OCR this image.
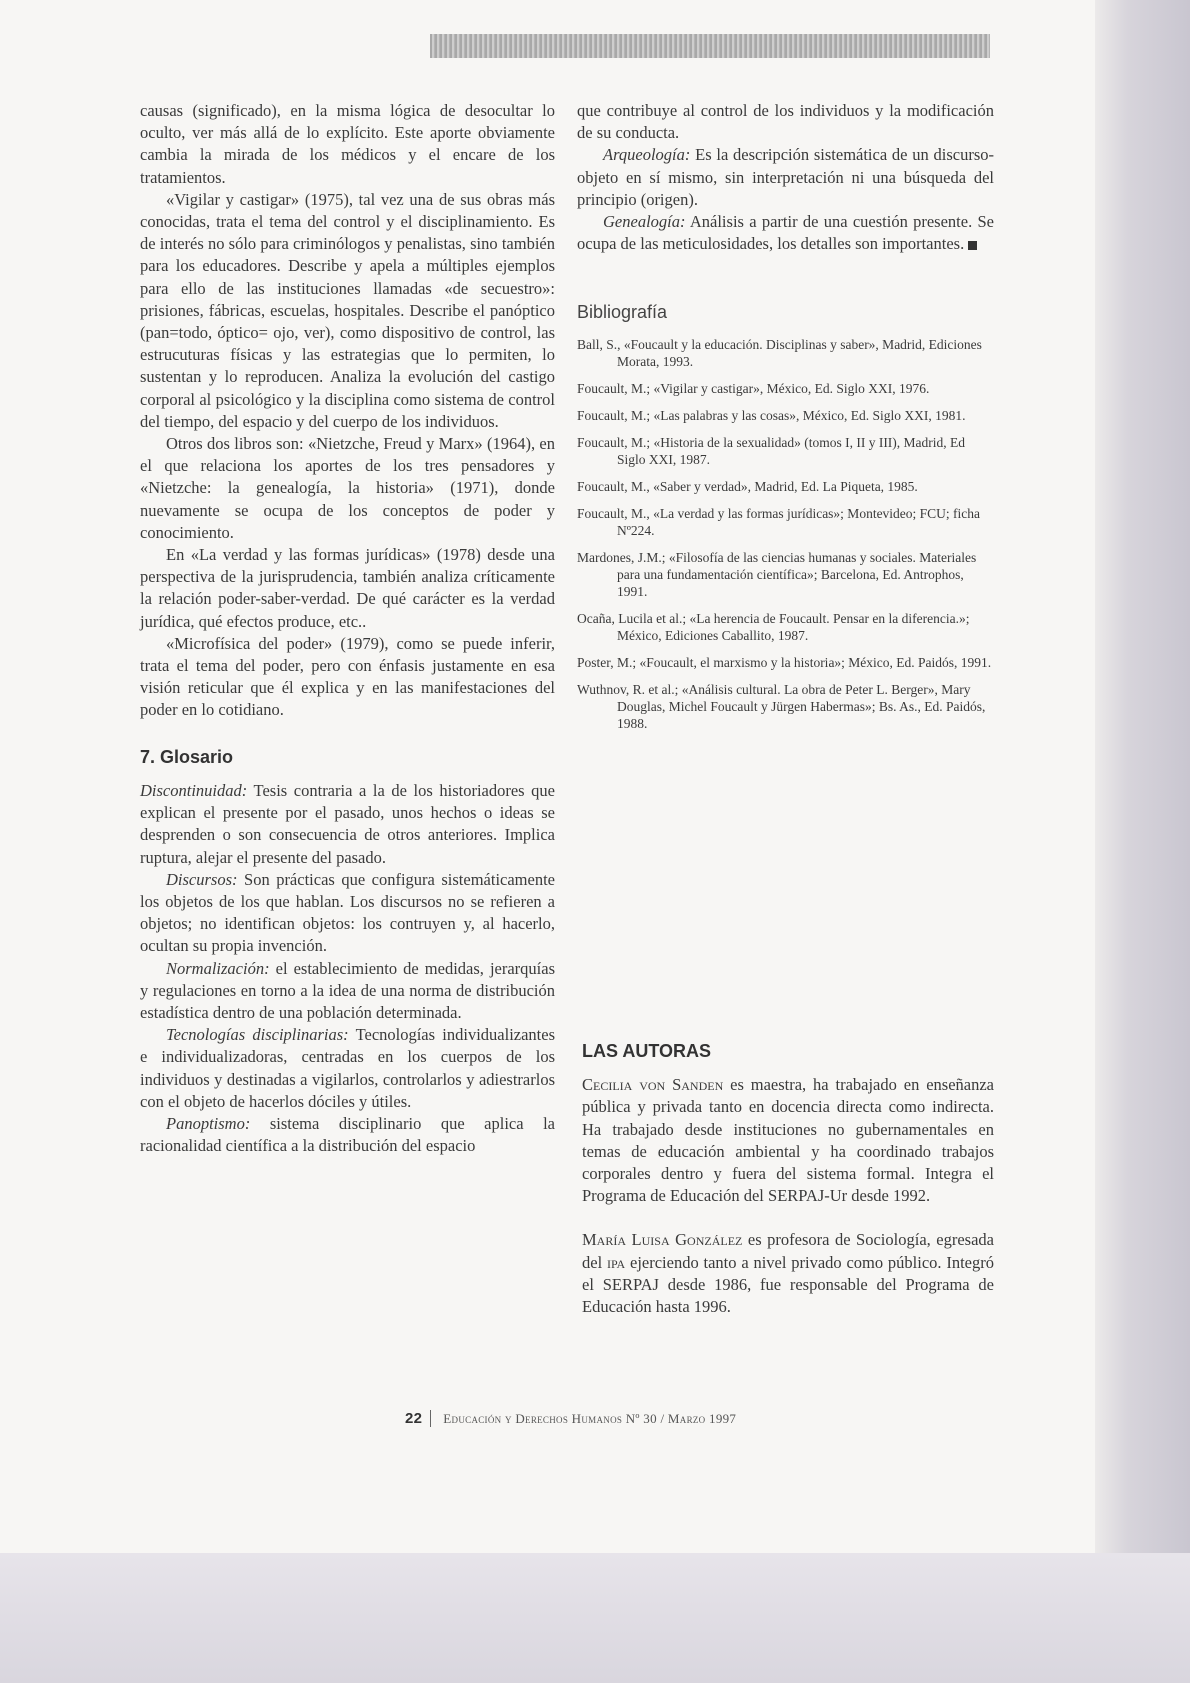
causas (significado), en la misma lógica de desocultar lo oculto, ver más allá de lo explícito. Este aporte obviamente cambia la mirada de los médicos y el encare de los tratamientos.

«Vigilar y castigar» (1975), tal vez una de sus obras más conocidas, trata el tema del control y el disciplinamiento. Es de interés no sólo para criminólogos y penalistas, sino también para los educadores. Describe y apela a múltiples ejemplos para ello de las instituciones llamadas «de secuestro»: prisiones, fábricas, escuelas, hospitales. Describe el panóptico (pan=todo, óptico= ojo, ver), como dispositivo de control, las estrucuturas físicas y las estrategias que lo permiten, lo sustentan y lo reproducen. Analiza la evolución del castigo corporal al psicológico y la disciplina como sistema de control del tiempo, del espacio y del cuerpo de los individuos.

Otros dos libros son: «Nietzche, Freud y Marx» (1964), en el que relaciona los aportes de los tres pensadores y «Nietzche: la genealogía, la historia» (1971), donde nuevamente se ocupa de los conceptos de poder y conocimiento.

En «La verdad y las formas jurídicas» (1978) desde una perspectiva de la jurisprudencia, también analiza críticamente la relación poder-saber-verdad. De qué carácter es la verdad jurídica, qué efectos produce, etc..

«Microfísica del poder» (1979), como se puede inferir, trata el tema del poder, pero con énfasis justamente en esa visión reticular que él explica y en las manifestaciones del poder en lo cotidiano.

7. Glosario

Discontinuidad: Tesis contraria a la de los historiadores que explican el presente por el pasado, unos hechos o ideas se desprenden o son consecuencia de otros anteriores. Implica ruptura, alejar el presente del pasado.

Discursos: Son prácticas que configura sistemáticamente los objetos de los que hablan. Los discursos no se refieren a objetos; no identifican objetos: los contruyen y, al hacerlo, ocultan su propia invención.

Normalización: el establecimiento de medidas, jerarquías y regulaciones en torno a la idea de una norma de distribución estadística dentro de una población determinada.

Tecnologías disciplinarias: Tecnologías individualizantes e individualizadoras, centradas en los cuerpos de los individuos y destinadas a vigilarlos, controlarlos y adiestrarlos con el objeto de hacerlos dóciles y útiles.

Panoptismo: sistema disciplinario que aplica la racionalidad científica a la distribución del espacio

que contribuye al control de los individuos y la modificación de su conducta.

Arqueología: Es la descripción sistemática de un discurso-objeto en sí mismo, sin interpretación ni una búsqueda del principio (origen).

Genealogía: Análisis a partir de una cuestión presente. Se ocupa de las meticulosidades, los detalles son importantes.

Bibliografía
Ball, S., «Foucault y la educación. Disciplinas y saber», Madrid, Ediciones Morata, 1993.
Foucault, M.; «Vigilar y castigar», México, Ed. Siglo XXI, 1976.
Foucault, M.; «Las palabras y las cosas», México, Ed. Siglo XXI, 1981.
Foucault, M.; «Historia de la sexualidad» (tomos I, II y III), Madrid, Ed Siglo XXI, 1987.
Foucault, M., «Saber y verdad», Madrid, Ed. La Piqueta, 1985.
Foucault, M., «La verdad y las formas jurídicas»; Montevideo; FCU; ficha Nº224.
Mardones, J.M.; «Filosofía de las ciencias humanas y sociales. Materiales para una fundamentación científica»; Barcelona, Ed. Antrophos, 1991.
Ocaña, Lucila et al.; «La herencia de Foucault. Pensar en la diferencia.»; México, Ediciones Caballito, 1987.
Poster, M.; «Foucault, el marxismo y la historia»; México, Ed. Paidós, 1991.
Wuthnov, R. et al.; «Análisis cultural. La obra de Peter L. Berger», Mary Douglas, Michel Foucault y Jürgen Habermas»; Bs. As., Ed. Paidós, 1988.
LAS AUTORAS

Cecilia von Sanden es maestra, ha trabajado en enseñanza pública y privada tanto en docencia directa como indirecta. Ha trabajado desde instituciones no gubernamentales en temas de educación ambiental y ha coordinado trabajos corporales dentro y fuera del sistema formal. Integra el Programa de Educación del SERPAJ-Ur desde 1992.

María Luisa González es profesora de Sociología, egresada del ipa ejerciendo tanto a nivel privado como público. Integró el SERPAJ desde 1986, fue responsable del Programa de Educación hasta 1996.

22	Educación y Derechos Humanos Nº 30 / Marzo 1997
